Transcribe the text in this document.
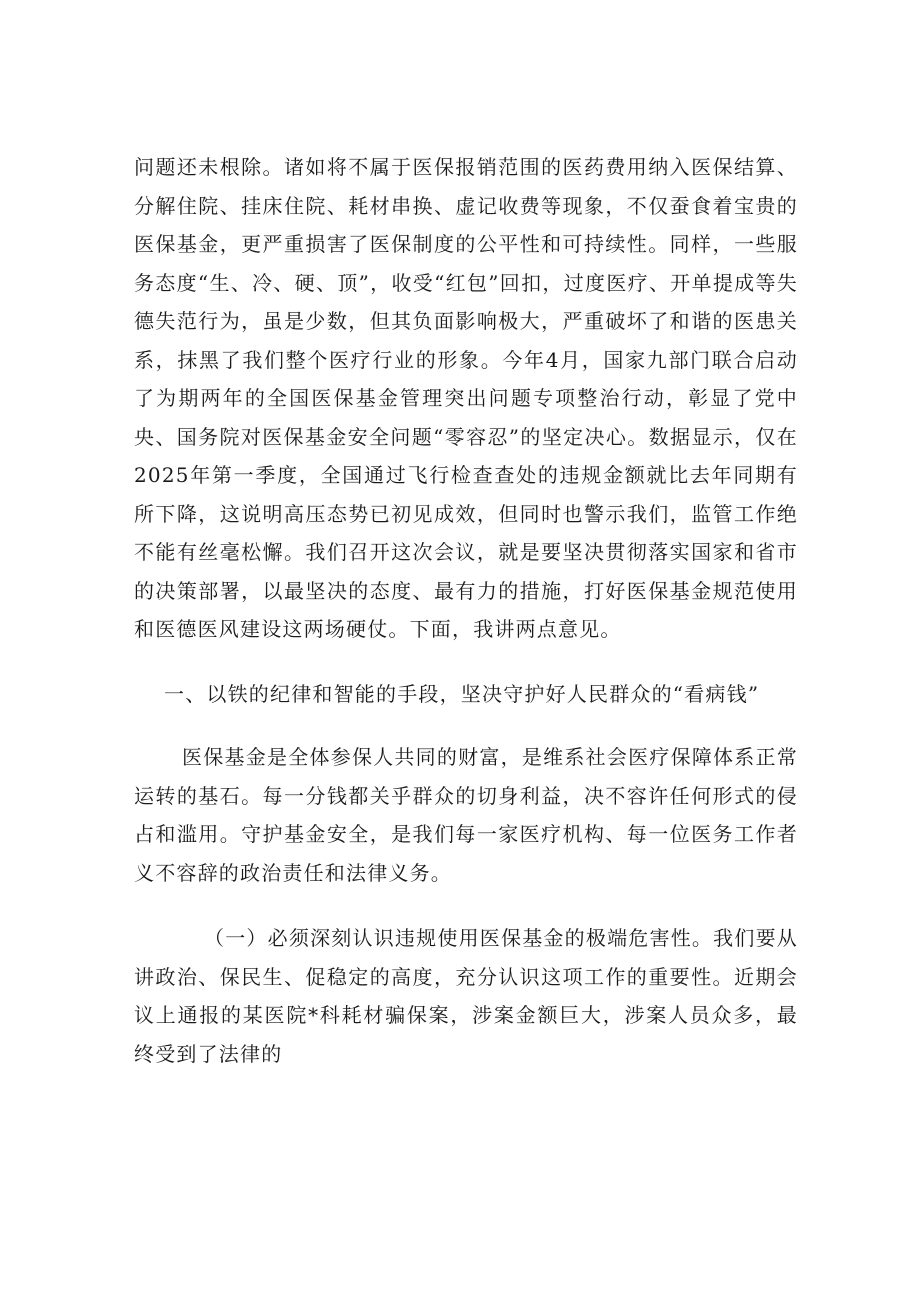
问题还未根除。诸如将不属于医保报销范围的医药费用纳入医保结算、分解住院、挂床住院、耗材串换、虚记收费等现象，不仅蚕食着宝贵的医保基金，更严重损害了医保制度的公平性和可持续性。同样，一些服务态度“生、冷、硬、顶”，收受“红包”回扣，过度医疗、开单提成等失德失范行为，虽是少数，但其负面影响极大，严重破坏了和谐的医患关系，抹黑了我们整个医疗行业的形象。今年4月，国家九部门联合启动了为期两年的全国医保基金管理突出问题专项整治行动，彰显了党中央、国务院对医保基金安全问题“零容忍”的坚定决心。数据显示，仅在2025年第一季度，全国通过飞行检查查处的违规金额就比去年同期有所下降，这说明高压态势已初见成效，但同时也警示我们，监管工作绝不能有丝毫松懈。我们召开这次会议，就是要坚决贯彻落实国家和省市的决策部署，以最坚决的态度、最有力的措施，打好医保基金规范使用和医德医风建设这两场硬仗。下面，我讲两点意见。

一、以铁的纪律和智能的手段，坚决守护好人民群众的“看病钱”

医保基金是全体参保人共同的财富，是维系社会医疗保障体系正常运转的基石。每一分钱都关乎群众的切身利益，决不容许任何形式的侵占和滥用。守护基金安全，是我们每一家医疗机构、每一位医务工作者义不容辞的政治责任和法律义务。

（一）必须深刻认识违规使用医保基金的极端危害性。我们要从讲政治、保民生、促稳定的高度，充分认识这项工作的重要性。近期会议上通报的某医院*科耗材骗保案，涉案金额巨大，涉案人员众多，最终受到了法律的
